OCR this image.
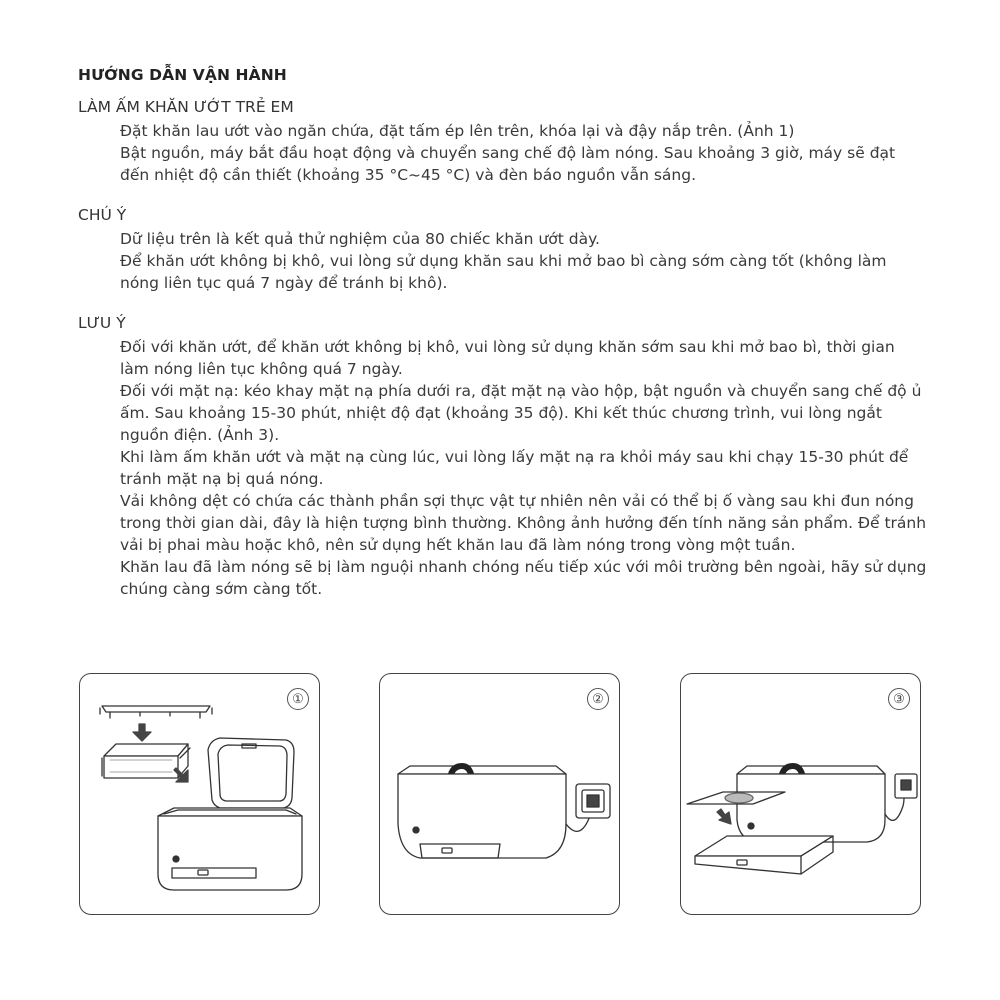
HƯỚNG DẪN VẬN HÀNH
LÀM ẤM KHĂN ƯỚT TRẺ EM
Đặt khăn lau ướt vào ngăn chứa, đặt tấm ép lên trên, khóa lại và đậy nắp trên. (Ảnh 1)
Bật nguồn, máy bắt đầu hoạt động và chuyển sang chế độ làm nóng. Sau khoảng 3 giờ, máy sẽ đạt đến nhiệt độ cần thiết (khoảng 35 °C~45 °C) và đèn báo nguồn vẫn sáng.
CHÚ Ý
Dữ liệu trên là kết quả thử nghiệm của 80 chiếc khăn ướt dày.
Để khăn ướt không bị khô, vui lòng sử dụng khăn sau khi mở bao bì càng sớm càng tốt (không làm nóng liên tục quá 7 ngày để tránh bị khô).
LƯU Ý
Đối với khăn ướt, để khăn ướt không bị khô, vui lòng sử dụng khăn sớm sau khi mở bao bì, thời gian làm nóng liên tục không quá 7 ngày.
Đối với mặt nạ: kéo khay mặt nạ phía dưới ra, đặt mặt nạ vào hộp, bật nguồn và chuyển sang chế độ ủ ấm. Sau khoảng 15-30 phút, nhiệt độ đạt (khoảng 35 độ). Khi kết thúc chương trình, vui lòng ngắt nguồn điện. (Ảnh 3).
Khi làm ấm khăn ướt và mặt nạ cùng lúc, vui lòng lấy mặt nạ ra khỏi máy sau khi chạy 15-30 phút để tránh mặt nạ bị quá nóng.
Vải không dệt có chứa các thành phần sợi thực vật tự nhiên nên vải có thể bị ố vàng sau khi đun nóng trong thời gian dài, đây là hiện tượng bình thường. Không ảnh hưởng đến tính năng sản phẩm. Để tránh vải bị phai màu hoặc khô, nên sử dụng hết khăn lau đã làm nóng trong vòng một tuần.
Khăn lau đã làm nóng sẽ bị làm nguội nhanh chóng nếu tiếp xúc với môi trường bên ngoài, hãy sử dụng chúng càng sớm càng tốt.
①	②	③
